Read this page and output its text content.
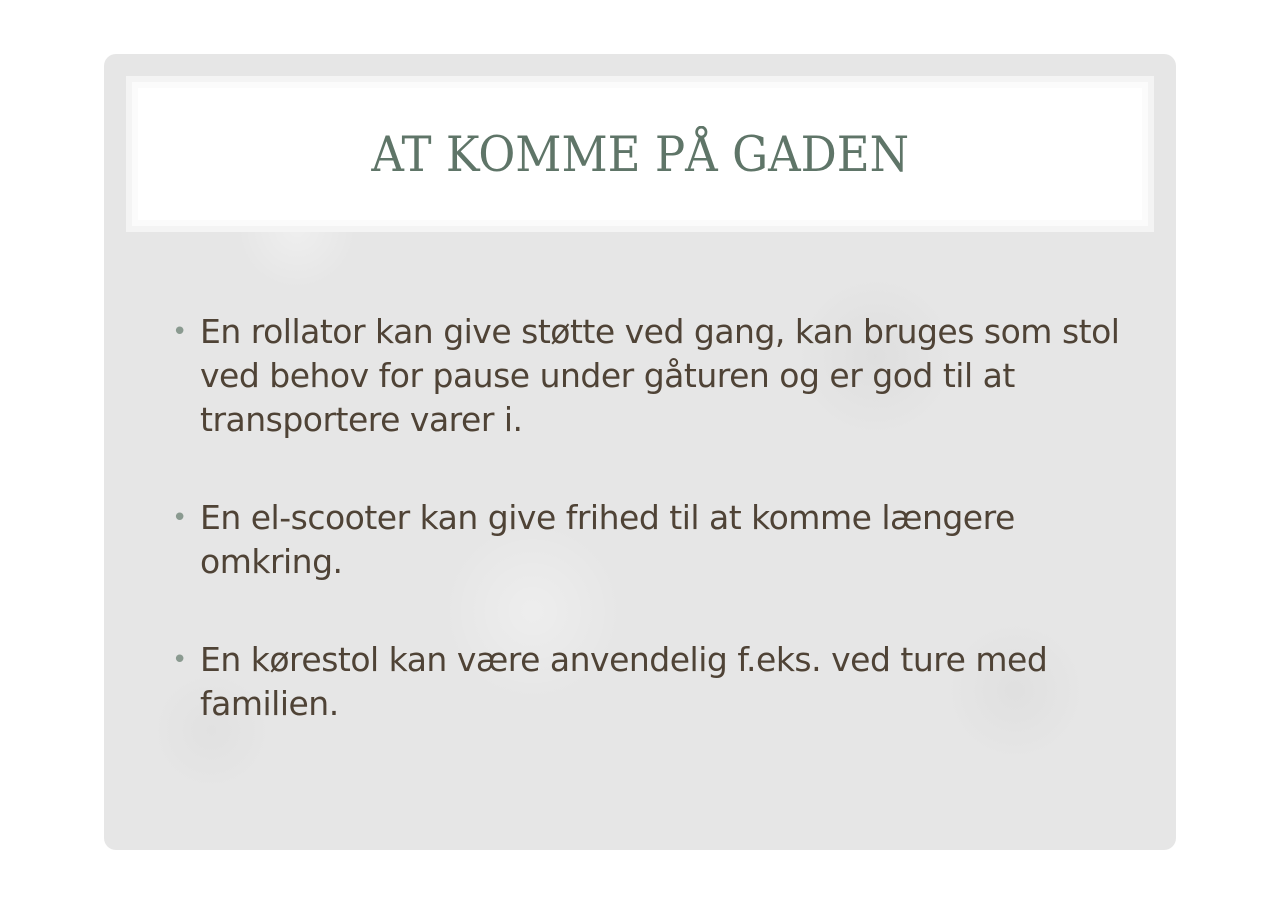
AT KOMME PÅ GADEN
• En rollator kan give støtte ved gang, kan bruges som stol ved behov for pause under gåturen og er god til at transportere varer i.
• En el-scooter kan give frihed til at komme længere omkring.
• En kørestol kan være anvendelig f.eks. ved ture med familien.
